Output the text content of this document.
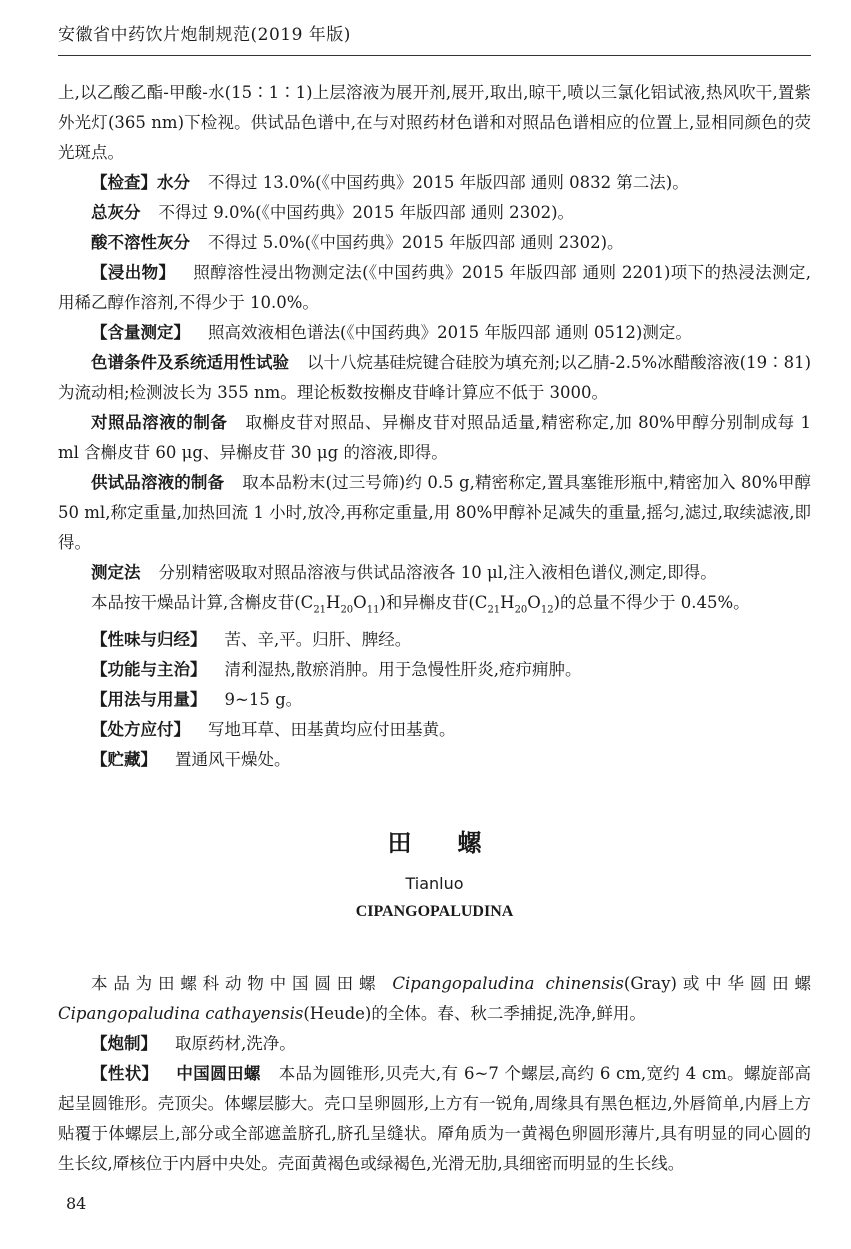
安徽省中药饮片炮制规范(2019 年版)

上,以乙酸乙酯-甲酸-水(15∶1∶1)上层溶液为展开剂,展开,取出,晾干,喷以三氯化铝试液,热风吹干,置紫外光灯(365 nm)下检视。供试品色谱中,在与对照药材色谱和对照品色谱相应的位置上,显相同颜色的荧光斑点。

【检查】水分 不得过 13.0%(《中国药典》2015 年版四部 通则 0832 第二法)。

总灰分 不得过 9.0%(《中国药典》2015 年版四部 通则 2302)。

酸不溶性灰分 不得过 5.0%(《中国药典》2015 年版四部 通则 2302)。

【浸出物】 照醇溶性浸出物测定法(《中国药典》2015 年版四部 通则 2201)项下的热浸法测定,用稀乙醇作溶剂,不得少于 10.0%。

【含量测定】 照高效液相色谱法(《中国药典》2015 年版四部 通则 0512)测定。

色谱条件及系统适用性试验 以十八烷基硅烷键合硅胶为填充剂;以乙腈-2.5%冰醋酸溶液(19∶81)为流动相;检测波长为 355 nm。理论板数按槲皮苷峰计算应不低于 3000。

对照品溶液的制备 取槲皮苷对照品、异槲皮苷对照品适量,精密称定,加 80%甲醇分别制成每 1 ml 含槲皮苷 60 μg、异槲皮苷 30 μg 的溶液,即得。

供试品溶液的制备 取本品粉末(过三号筛)约 0.5 g,精密称定,置具塞锥形瓶中,精密加入 80%甲醇 50 ml,称定重量,加热回流 1 小时,放冷,再称定重量,用 80%甲醇补足减失的重量,摇匀,滤过,取续滤液,即得。

测定法 分别精密吸取对照品溶液与供试品溶液各 10 μl,注入液相色谱仪,测定,即得。

本品按干燥品计算,含槲皮苷$(C_{21}H_{20}O_{11})$和异槲皮苷$(C_{21}H_{20}O_{12})$的总量不得少于 0.45%。

【性味与归经】 苦、辛,平。归肝、脾经。

【功能与主治】 清利湿热,散瘀消肿。用于急慢性肝炎,疮疖痈肿。

【用法与用量】 9~15 g。

【处方应付】 写地耳草、田基黄均应付田基黄。

【贮藏】 置通风干燥处。

田螺
Tianluo
CIPANGOPALUDINA

本品为田螺科动物中国圆田螺 Cipangopaludina chinensis(Gray)或中华圆田螺 Cipangopaludina cathayensis(Heude)的全体。春、秋二季捕捉,洗净,鲜用。

【炮制】 取原药材,洗净。

【性状】 中国圆田螺 本品为圆锥形,贝壳大,有 6~7 个螺层,高约 6 cm,宽约 4 cm。螺旋部高起呈圆锥形。壳顶尖。体螺层膨大。壳口呈卵圆形,上方有一锐角,周缘具有黑色框边,外唇简单,内唇上方贴覆于体螺层上,部分或全部遮盖脐孔,脐孔呈缝状。厣角质为一黄褐色卵圆形薄片,具有明显的同心圆的生长纹,厣核位于内唇中央处。壳面黄褐色或绿褐色,光滑无肋,具细密而明显的生长线。

84
